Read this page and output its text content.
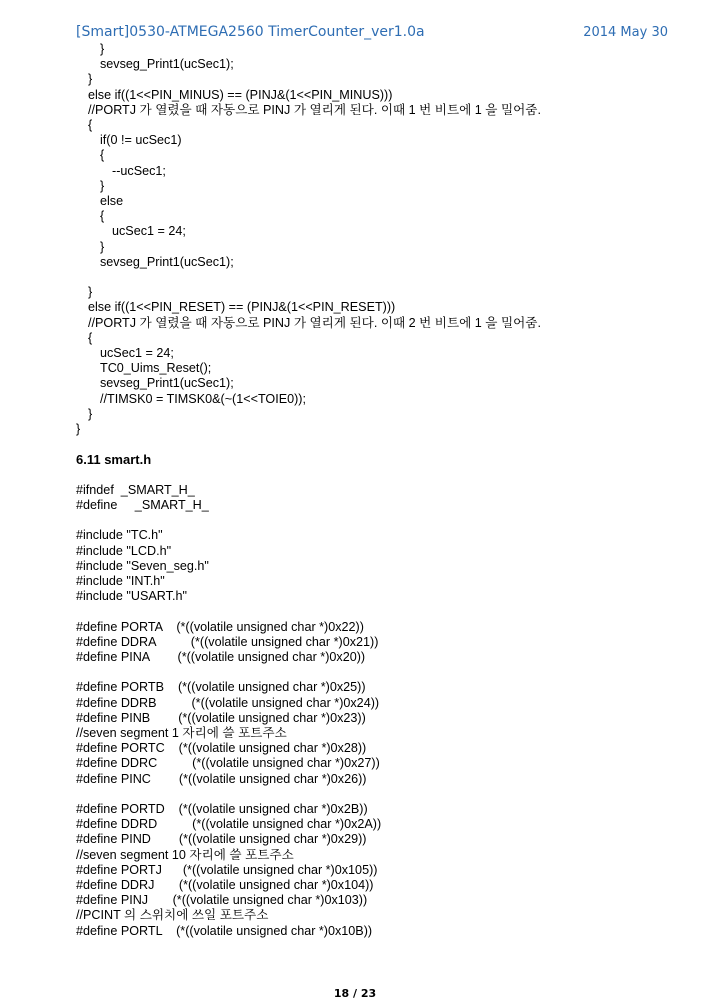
[Smart]0530-ATMEGA2560 TimerCounter_ver1.0a	2014 May 30
}
sevseg_Print1(ucSec1);
}
else if((1<<PIN_MINUS) == (PINJ&(1<<PIN_MINUS)))
//PORTJ 가 열렸을 때 자동으로 PINJ 가 열리게 된다. 이때 1 번 비트에 1 을 밀어줌.
{
if(0 != ucSec1)
{
--ucSec1;
}
else
{
ucSec1 = 24;
}
sevseg_Print1(ucSec1);
}
else if((1<<PIN_RESET) == (PINJ&(1<<PIN_RESET)))
//PORTJ 가 열렸을 때 자동으로 PINJ 가 열리게 된다. 이때 2 번 비트에 1 을 밀어줌.
{
ucSec1 = 24;
TC0_Uims_Reset();
sevseg_Print1(ucSec1);
//TIMSK0 = TIMSK0&(~(1<<TOIE0));
}
}
6.11 smart.h
#ifndef  _SMART_H_
#define     _SMART_H_
#include "TC.h"
#include "LCD.h"
#include "Seven_seg.h"
#include "INT.h"
#include "USART.h"
#define PORTA    (*((volatile unsigned char *)0x22))
#define DDRA          (*((volatile unsigned char *)0x21))
#define PINA        (*((volatile unsigned char *)0x20))
#define PORTB    (*((volatile unsigned char *)0x25))
#define DDRB          (*((volatile unsigned char *)0x24))
#define PINB        (*((volatile unsigned char *)0x23))
//seven segment 1 자리에 쓸 포트주소
#define PORTC    (*((volatile unsigned char *)0x28))
#define DDRC          (*((volatile unsigned char *)0x27))
#define PINC        (*((volatile unsigned char *)0x26))
#define PORTD    (*((volatile unsigned char *)0x2B))
#define DDRD          (*((volatile unsigned char *)0x2A))
#define PIND        (*((volatile unsigned char *)0x29))
//seven segment 10 자리에 쓸 포트주소
#define PORTJ      (*((volatile unsigned char *)0x105))
#define DDRJ       (*((volatile unsigned char *)0x104))
#define PINJ       (*((volatile unsigned char *)0x103))
//PCINT 의 스위치에 쓰일 포트주소
#define PORTL    (*((volatile unsigned char *)0x10B))
18 / 23
